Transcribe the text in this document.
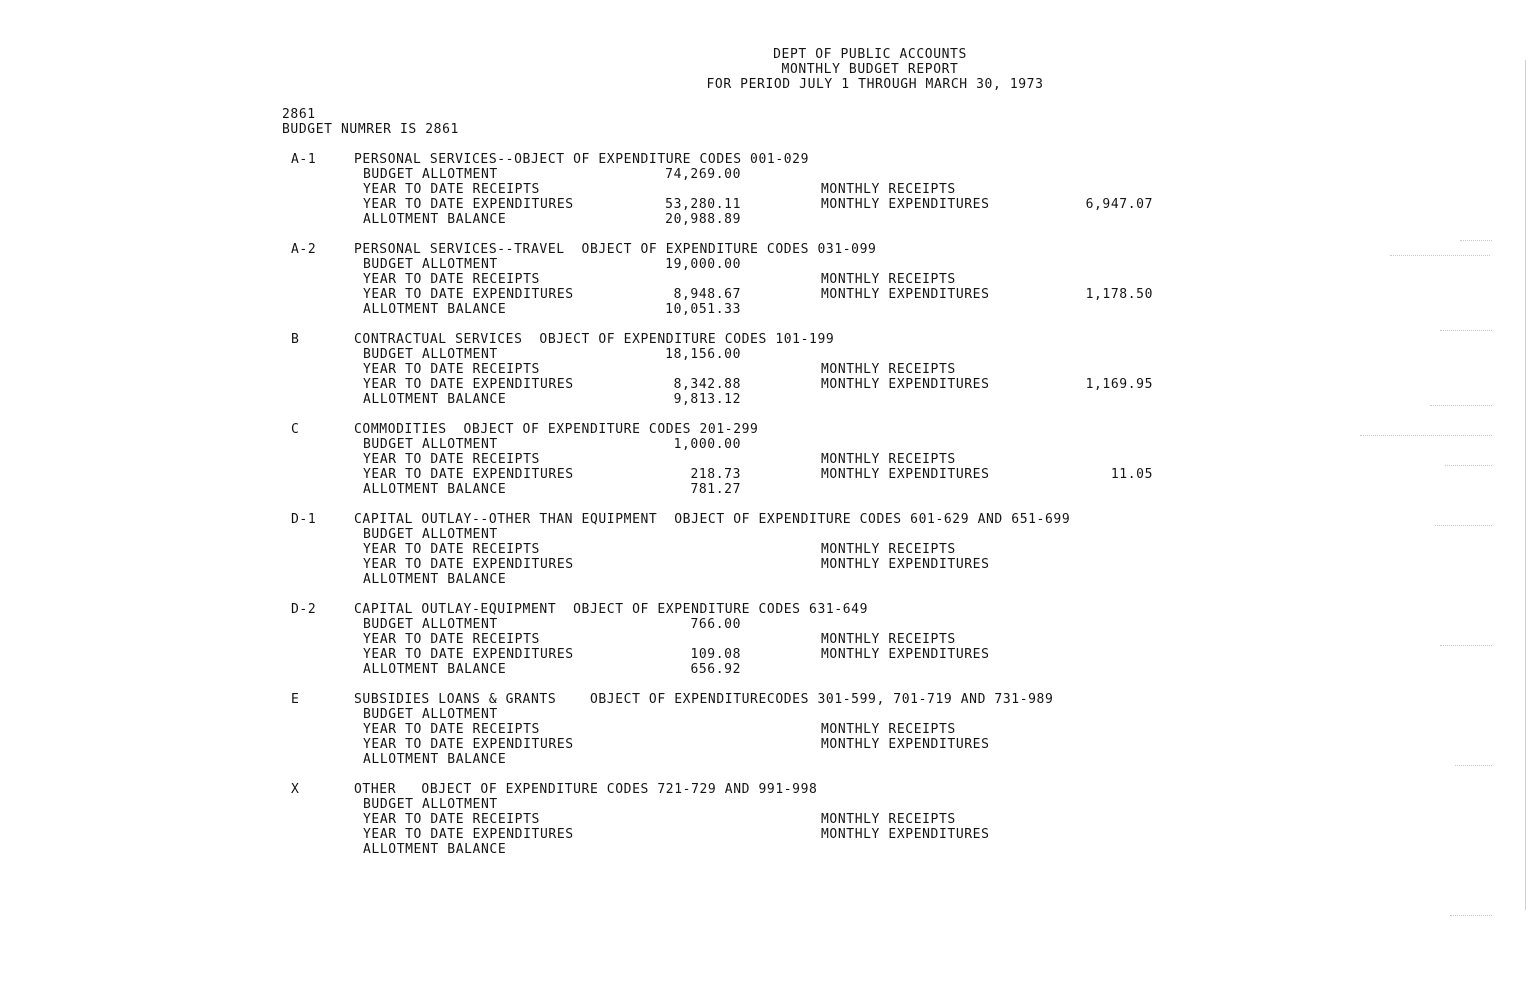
DEPT OF PUBLIC ACCOUNTS
MONTHLY BUDGET REPORT
FOR PERIOD JULY 1 THROUGH MARCH 30, 1973
2861
BUDGET NUMRER IS 2861
A-1	PERSONAL SERVICES--OBJECT OF EXPENDITURE CODES 001-029
BUDGET ALLOTMENT	74,269.00
YEAR TO DATE RECEIPTS
YEAR TO DATE EXPENDITURES	53,280.11
ALLOTMENT BALANCE	20,988.89
MONTHLY RECEIPTS
MONTHLY EXPENDITURES	6,947.07
A-2	PERSONAL SERVICES--TRAVEL  OBJECT OF EXPENDITURE CODES 031-099
BUDGET ALLOTMENT	19,000.00
YEAR TO DATE RECEIPTS
YEAR TO DATE EXPENDITURES	8,948.67
ALLOTMENT BALANCE	10,051.33
MONTHLY RECEIPTS
MONTHLY EXPENDITURES	1,178.50
B	CONTRACTUAL SERVICES  OBJECT OF EXPENDITURE CODES 101-199
BUDGET ALLOTMENT	18,156.00
YEAR TO DATE RECEIPTS
YEAR TO DATE EXPENDITURES	8,342.88
ALLOTMENT BALANCE	9,813.12
MONTHLY RECEIPTS
MONTHLY EXPENDITURES	1,169.95
C	COMMODITIES  OBJECT OF EXPENDITURE CODES 201-299
BUDGET ALLOTMENT	1,000.00
YEAR TO DATE RECEIPTS
YEAR TO DATE EXPENDITURES	218.73
ALLOTMENT BALANCE	781.27
MONTHLY RECEIPTS
MONTHLY EXPENDITURES	11.05
D-1	CAPITAL OUTLAY--OTHER THAN EQUIPMENT  OBJECT OF EXPENDITURE CODES 601-629 AND 651-699
BUDGET ALLOTMENT
YEAR TO DATE RECEIPTS
YEAR TO DATE EXPENDITURES
ALLOTMENT BALANCE
MONTHLY RECEIPTS
MONTHLY EXPENDITURES
D-2	CAPITAL OUTLAY-EQUIPMENT  OBJECT OF EXPENDITURE CODES 631-649
BUDGET ALLOTMENT	766.00
YEAR TO DATE RECEIPTS
YEAR TO DATE EXPENDITURES	109.08
ALLOTMENT BALANCE	656.92
MONTHLY RECEIPTS
MONTHLY EXPENDITURES
E	SUBSIDIES LOANS & GRANTS    OBJECT OF EXPENDITURECODES 301-599, 701-719 AND 731-989
BUDGET ALLOTMENT
YEAR TO DATE RECEIPTS
YEAR TO DATE EXPENDITURES
ALLOTMENT BALANCE
MONTHLY RECEIPTS
MONTHLY EXPENDITURES
X	OTHER   OBJECT OF EXPENDITURE CODES 721-729 AND 991-998
BUDGET ALLOTMENT
YEAR TO DATE RECEIPTS
YEAR TO DATE EXPENDITURES
ALLOTMENT BALANCE
MONTHLY RECEIPTS
MONTHLY EXPENDITURES
